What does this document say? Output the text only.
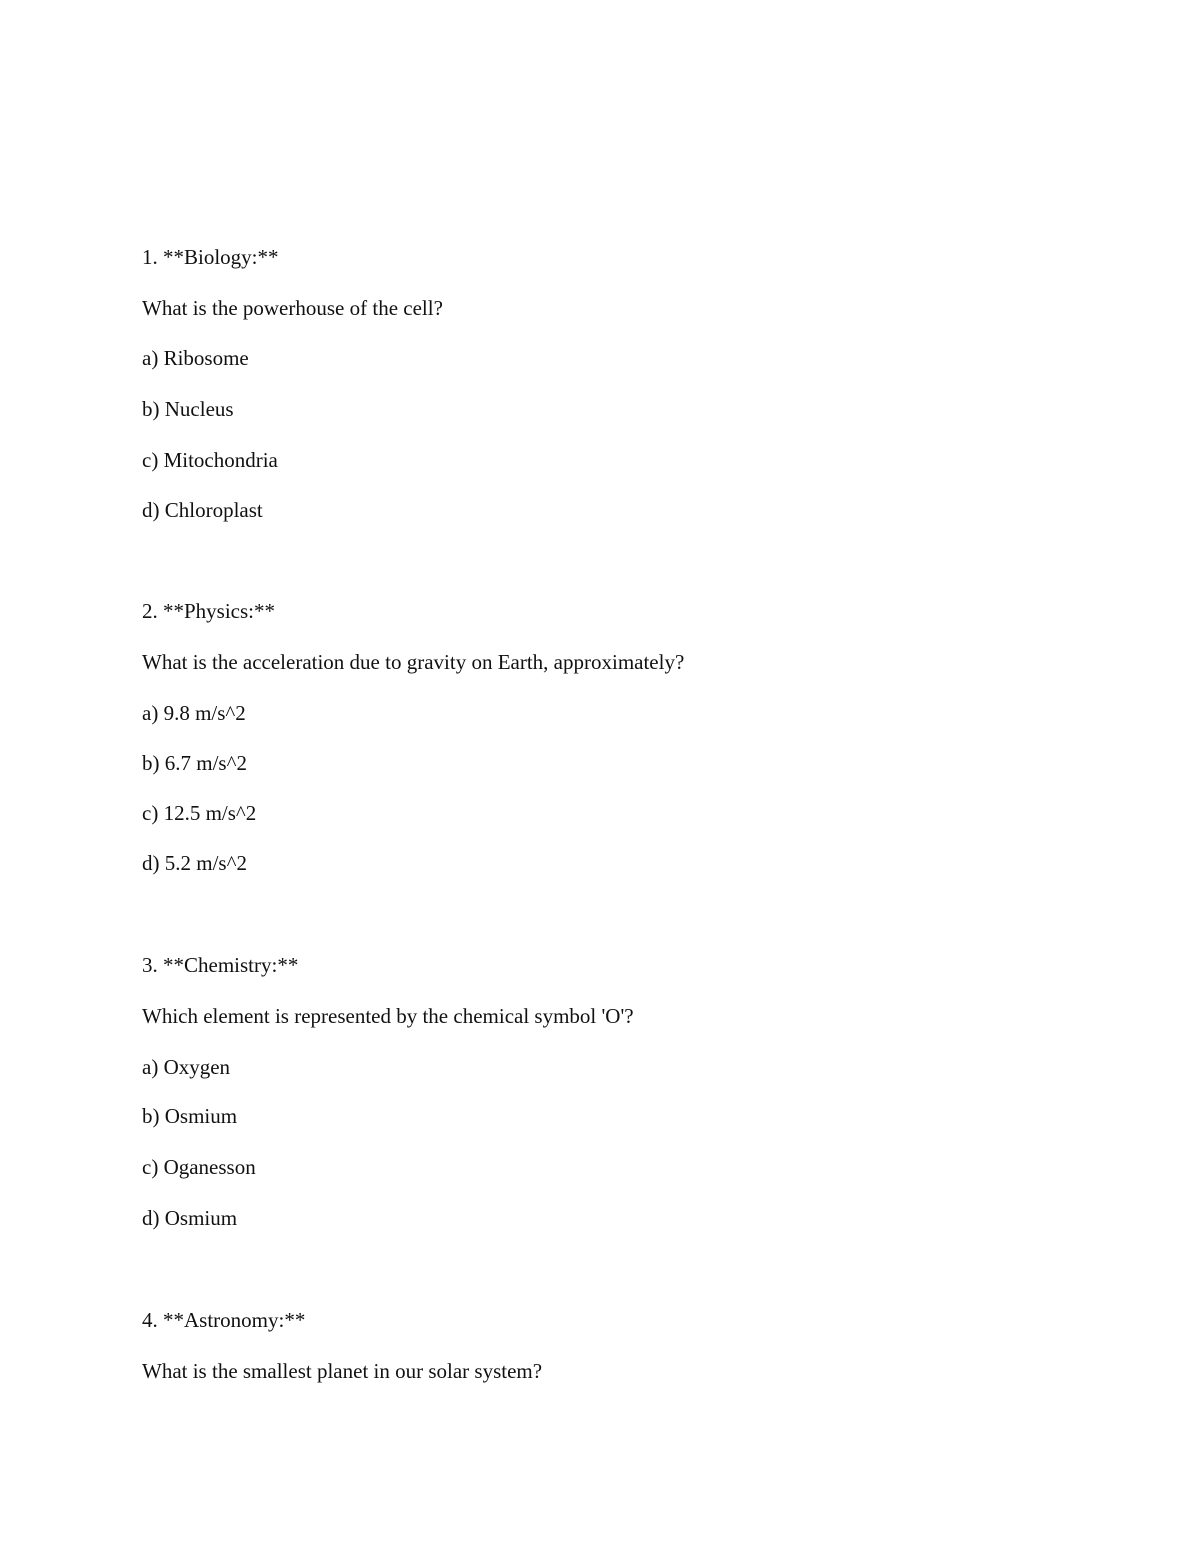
1. **Biology:**
What is the powerhouse of the cell?
a) Ribosome
b) Nucleus
c) Mitochondria
d) Chloroplast
2. **Physics:**
What is the acceleration due to gravity on Earth, approximately?
a) 9.8 m/s^2
b) 6.7 m/s^2
c) 12.5 m/s^2
d) 5.2 m/s^2
3. **Chemistry:**
Which element is represented by the chemical symbol 'O'?
a) Oxygen
b) Osmium
c) Oganesson
d) Osmium
4. **Astronomy:**
What is the smallest planet in our solar system?
